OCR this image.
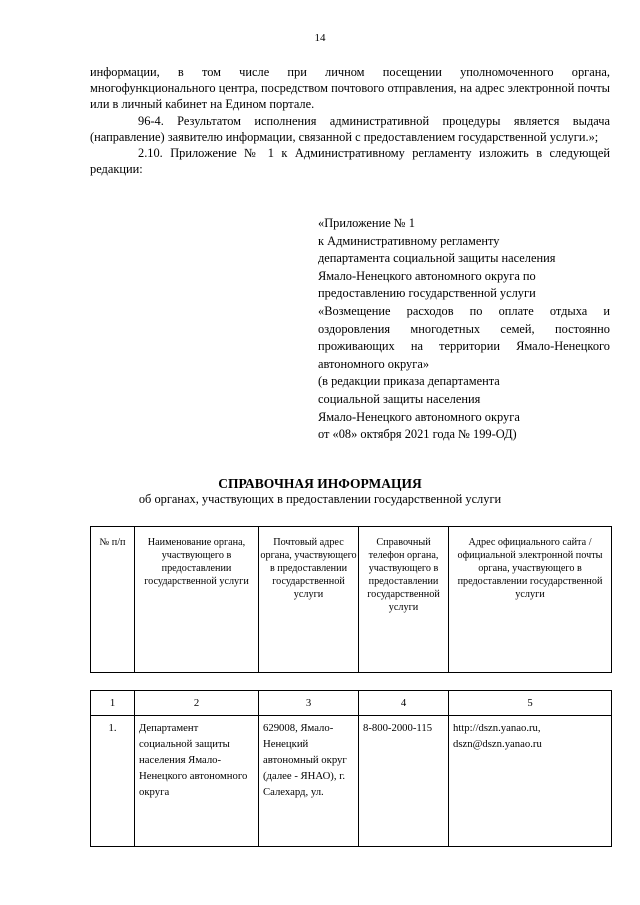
14

информации, в том числе при личном посещении уполномоченного органа, многофункционального центра, посредством почтового отправления, на адрес электронной почты или в личный кабинет на Едином портале.

96-4. Результатом исполнения административной процедуры является выдача (направление) заявителю информации, связанной с предоставлением государственной услуги.»;

2.10. Приложение № 1 к Административному регламенту изложить в следующей редакции:

«Приложение № 1
к Административному регламенту
департамента социальной защиты населения
Ямало-Ненецкого автономного округа по
предоставлению государственной услуги
«Возмещение расходов по оплате отдыха и оздоровления многодетных семей, постоянно проживающих на территории Ямало-Ненецкого автономного округа»
(в редакции приказа департамента
социальной защиты населения
Ямало-Ненецкого автономного округа
от «08» октября 2021 года № 199-ОД)
СПРАВОЧНАЯ ИНФОРМАЦИЯ
об органах, участвующих в предоставлении государственной услуги
№ п/п	Наименование органа, участвующего в предоставлении государственной услуги	Почтовый адрес органа, участвующего в предоставлении государственной услуги	Справочный телефон органа, участвующего в предоставлении государственной услуги	Адрес официального сайта /официальной электронной почты органа, участвующего в предоставлении государственной услуги
1	2	3	4	5
1.	Департамент социальной защиты населения Ямало-Ненецкого автономного округа	629008, Ямало-Ненецкий автономный округ (далее - ЯНАО), г. Салехард, ул.	8-800-2000-115	http://dszn.yanao.ru, dszn@dszn.yanao.ru
